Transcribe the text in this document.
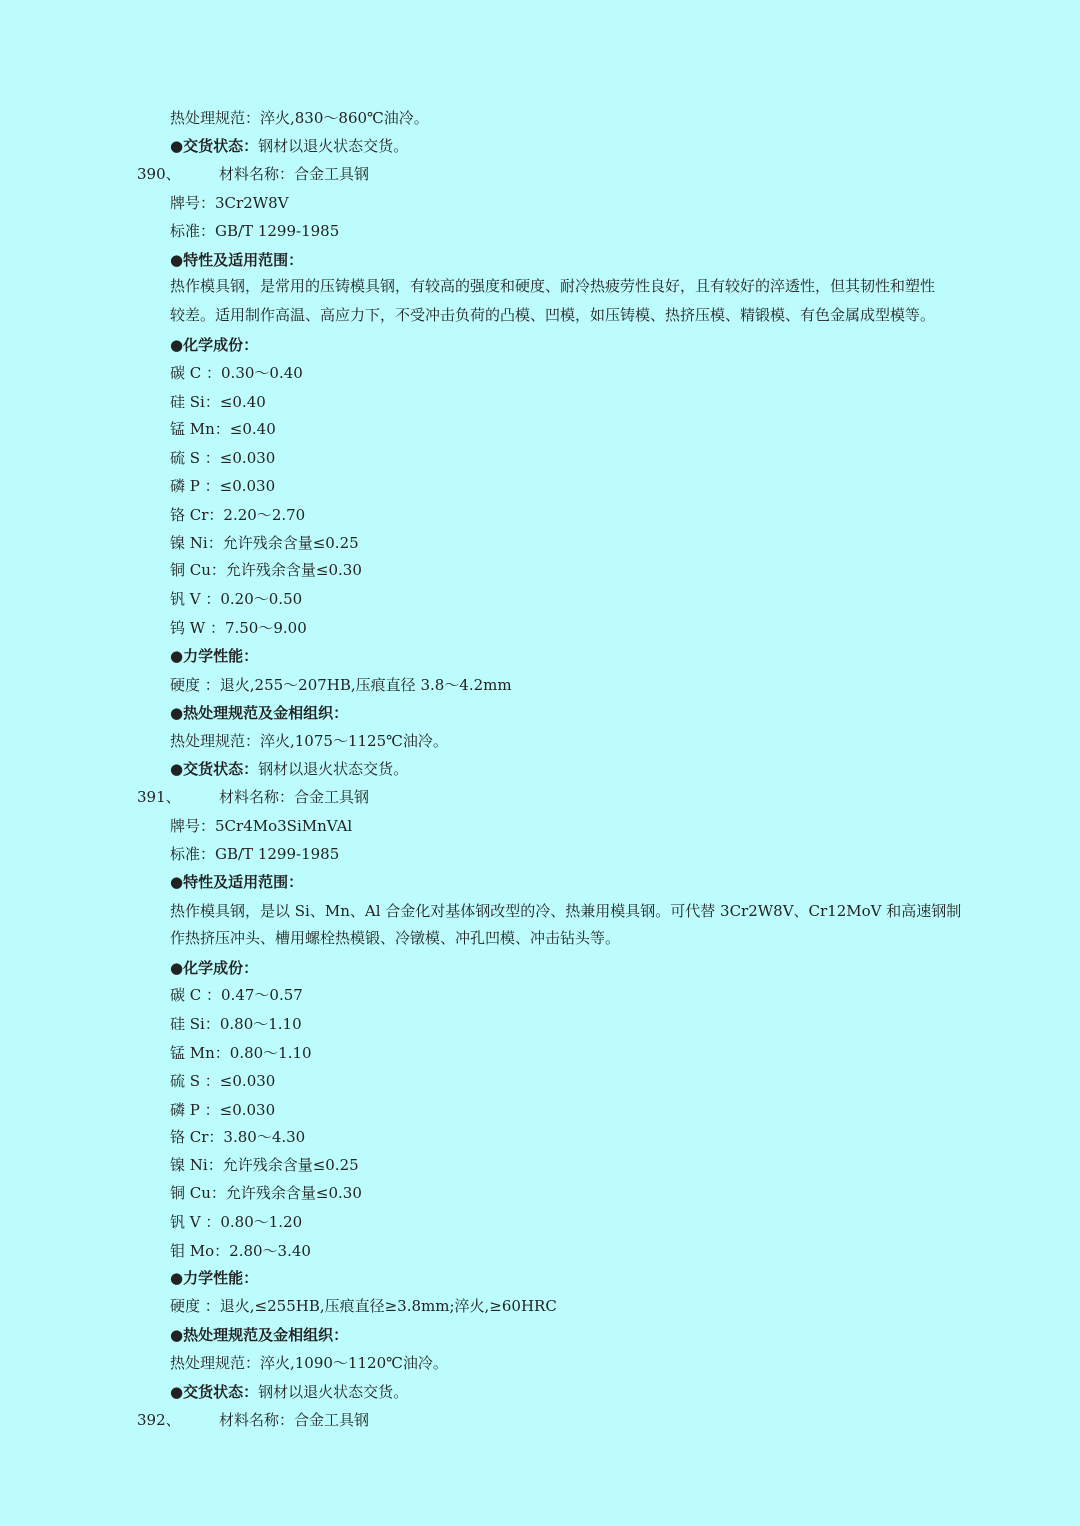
热处理规范：淬火,830～860℃油冷。
●交货状态：钢材以退火状态交货。
390、	材料名称：合金工具钢
牌号：3Cr2W8V
标准：GB/T 1299-1985
●特性及适用范围：
热作模具钢，是常用的压铸模具钢，有较高的强度和硬度、耐冷热疲劳性良好，且有较好的淬透性，但其韧性和塑性
较差。适用制作高温、高应力下，不受冲击负荷的凸模、凹模，如压铸模、热挤压模、精锻模、有色金属成型模等。
●化学成份：
碳 C ：0.30～0.40
硅 Si：≤0.40
锰 Mn：≤0.40
硫 S ：≤0.030
磷 P ：≤0.030
铬 Cr：2.20～2.70
镍 Ni：允许残余含量≤0.25
铜 Cu：允许残余含量≤0.30
钒 V ：0.20～0.50
钨 W ：7.50～9.00
●力学性能：
硬度 ：退火,255～207HB,压痕直径 3.8～4.2mm
●热处理规范及金相组织：
热处理规范：淬火,1075～1125℃油冷。
●交货状态：钢材以退火状态交货。
391、	材料名称：合金工具钢
牌号：5Cr4Mo3SiMnVAl
标准：GB/T 1299-1985
●特性及适用范围：
热作模具钢，是以 Si、Mn、Al 合金化对基体钢改型的冷、热兼用模具钢。可代替 3Cr2W8V、Cr12MoV 和高速钢制
作热挤压冲头、槽用螺栓热模锻、冷镦模、冲孔凹模、冲击钻头等。
●化学成份：
碳 C ：0.47～0.57
硅 Si：0.80～1.10
锰 Mn：0.80～1.10
硫 S ：≤0.030
磷 P ：≤0.030
铬 Cr：3.80～4.30
镍 Ni：允许残余含量≤0.25
铜 Cu：允许残余含量≤0.30
钒 V ：0.80～1.20
钼 Mo：2.80～3.40
●力学性能：
硬度 ：退火,≤255HB,压痕直径≥3.8mm;淬火,≥60HRC
●热处理规范及金相组织：
热处理规范：淬火,1090～1120℃油冷。
●交货状态：钢材以退火状态交货。
392、	材料名称：合金工具钢
